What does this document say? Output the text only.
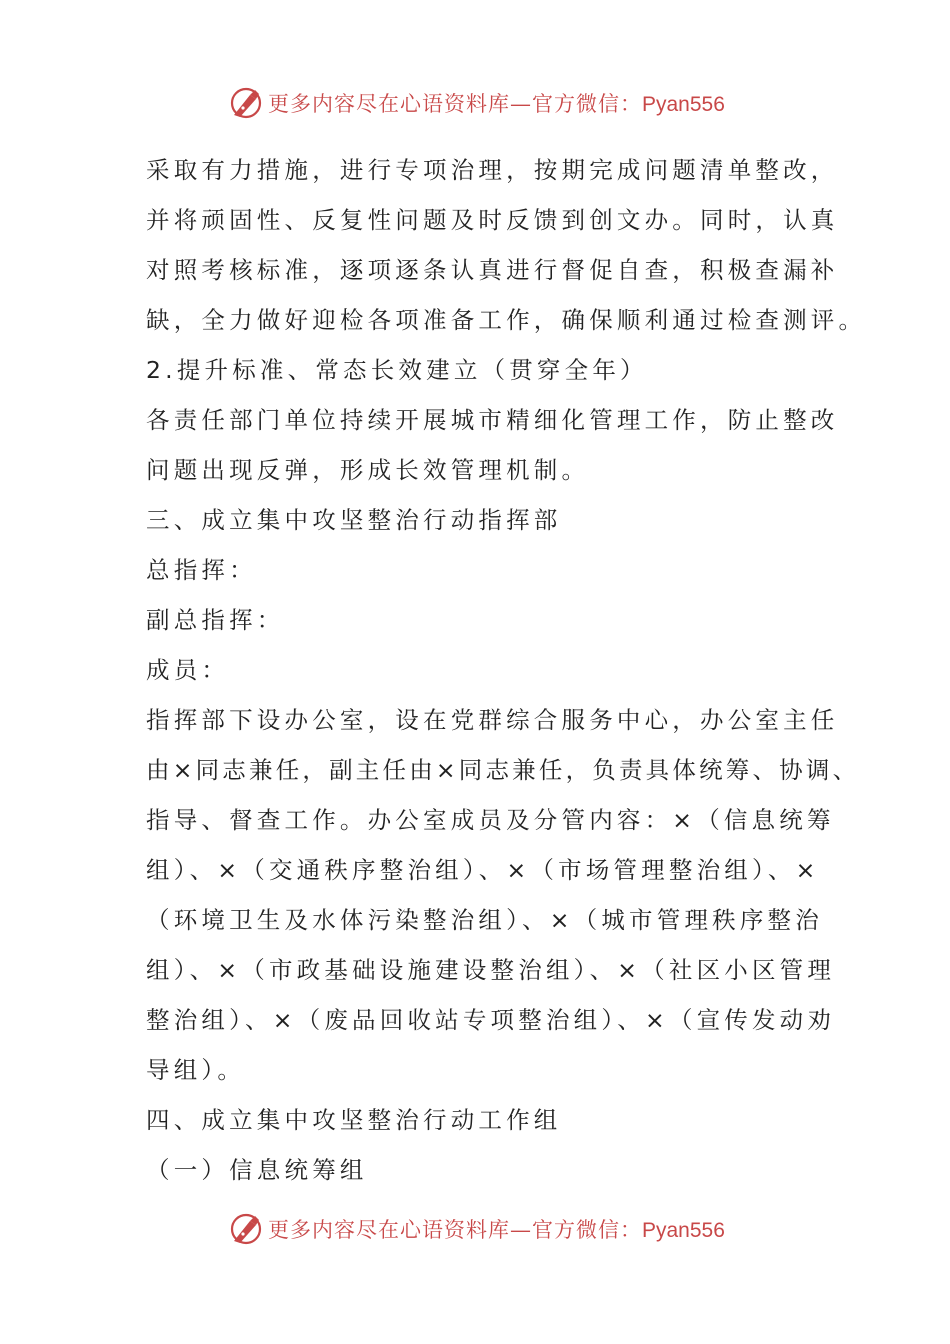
更多内容尽在心语资料库—官方微信：Pyan556
采取有力措施，进行专项治理，按期完成问题清单整改，
并将顽固性、反复性问题及时反馈到创文办。同时，认真
对照考核标准，逐项逐条认真进行督促自查，积极查漏补
缺，全力做好迎检各项准备工作，确保顺利通过检查测评。
2.提升标准、常态长效建立（贯穿全年）
各责任部门单位持续开展城市精细化管理工作，防止整改
问题出现反弹，形成长效管理机制。
三、成立集中攻坚整治行动指挥部
总指挥：
副总指挥：
成员：
指挥部下设办公室，设在党群综合服务中心，办公室主任
由×同志兼任，副主任由×同志兼任，负责具体统筹、协调、
指导、督查工作。办公室成员及分管内容：×（信息统筹
组）、×（交通秩序整治组）、×（市场管理整治组）、×
（环境卫生及水体污染整治组）、×（城市管理秩序整治
组）、×（市政基础设施建设整治组）、×（社区小区管理
整治组）、×（废品回收站专项整治组）、×（宣传发动劝
导组）。
四、成立集中攻坚整治行动工作组
（一）信息统筹组
更多内容尽在心语资料库—官方微信：Pyan556
